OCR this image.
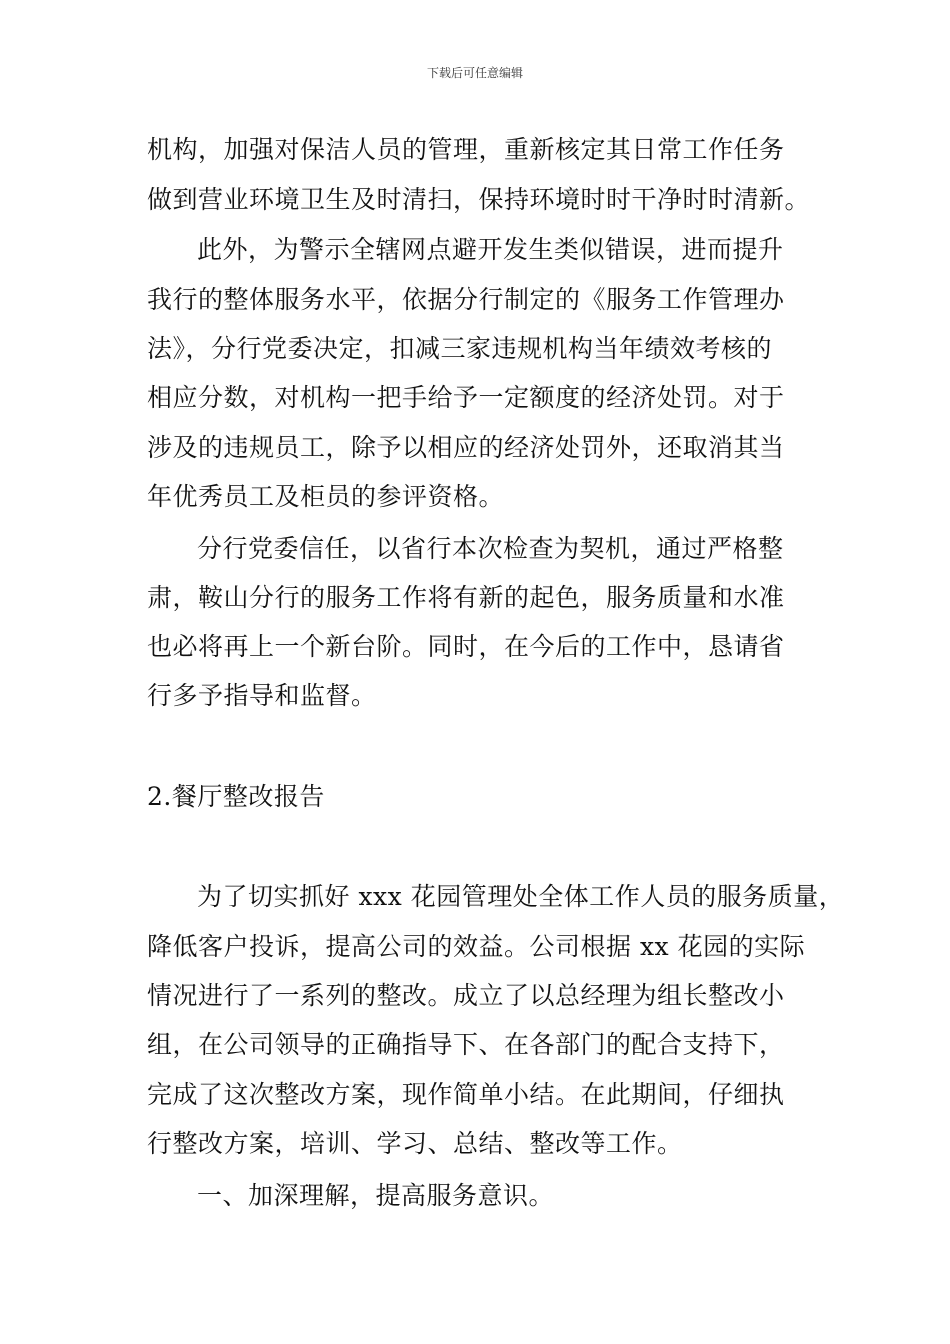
下载后可任意编辑
机构，加强对保洁人员的管理，重新核定其日常工作任务
做到营业环境卫生及时清扫，保持环境时时干净时时清新。
此外，为警示全辖网点避开发生类似错误，进而提升
我行的整体服务水平，依据分行制定的《服务工作管理办
法》，分行党委决定，扣减三家违规机构当年绩效考核的
相应分数，对机构一把手给予一定额度的经济处罚。对于
涉及的违规员工，除予以相应的经济处罚外，还取消其当
年优秀员工及柜员的参评资格。
分行党委信任，以省行本次检查为契机，通过严格整
肃，鞍山分行的服务工作将有新的起色，服务质量和水准
也必将再上一个新台阶。同时，在今后的工作中，恳请省
行多予指导和监督。
2.餐厅整改报告
为了切实抓好 xxx 花园管理处全体工作人员的服务质量，
降低客户投诉，提高公司的效益。公司根据 xx 花园的实际
情况进行了一系列的整改。成立了以总经理为组长整改小
组，在公司领导的正确指导下、在各部门的配合支持下，
完成了这次整改方案，现作简单小结。在此期间，仔细执
行整改方案，培训、学习、总结、整改等工作。
一、加深理解，提高服务意识。
